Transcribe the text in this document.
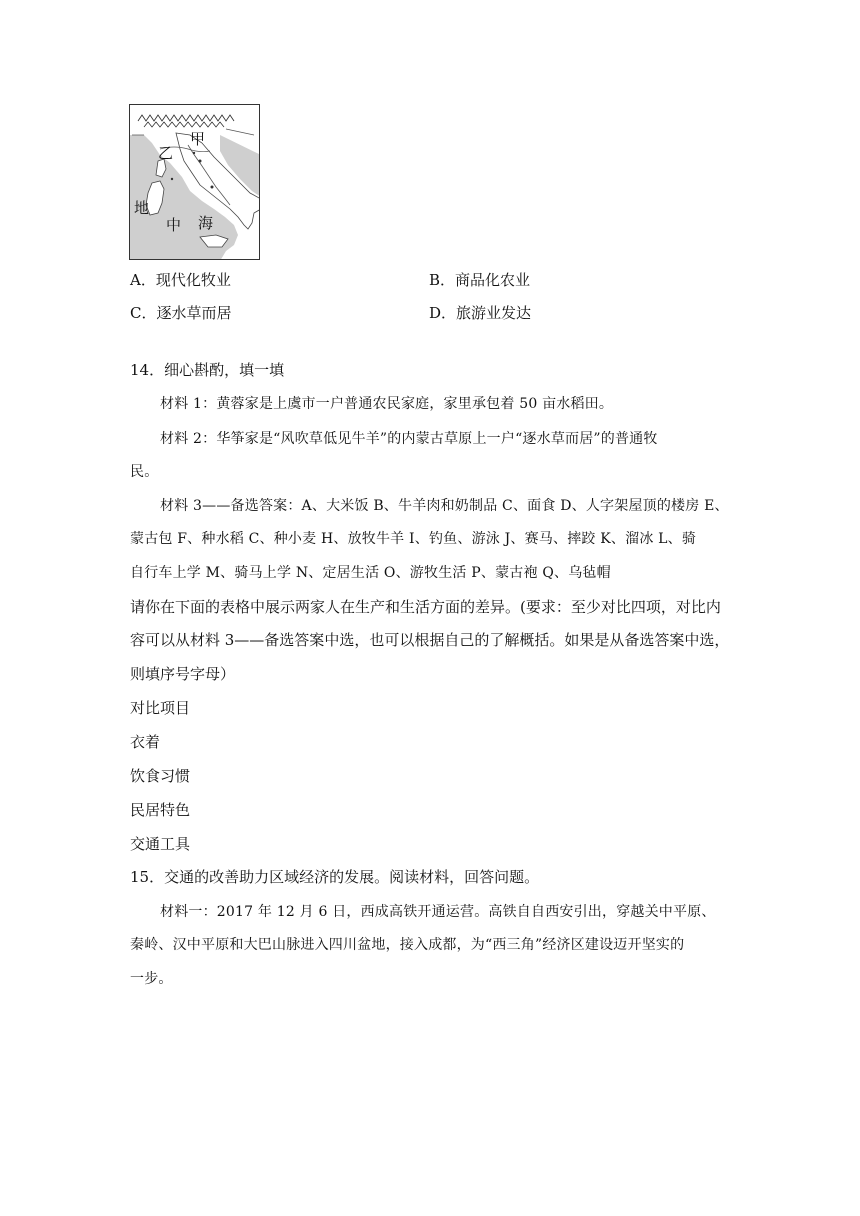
甲
乙
地
中 海
A．现代化牧业	B．商品化农业
C．逐水草而居	D．旅游业发达
14．细心斟酌，填一填
材料 1：黄蓉家是上虞市一户普通农民家庭，家里承包着 50 亩水稻田。
材料 2：华筝家是“风吹草低见牛羊”的内蒙古草原上一户“逐水草而居”的普通牧
民。
材料 3——备选答案：A、大米饭 B、牛羊肉和奶制品 C、面食 D、人字架屋顶的楼房 E、
蒙古包 F、种水稻 C、种小麦 H、放牧牛羊 I、钓鱼、游泳 J、赛马、摔跤 K、溜冰 L、骑
自行车上学 M、骑马上学 N、定居生活 O、游牧生活 P、蒙古袍 Q、乌毡帽
请你在下面的表格中展示两家人在生产和生活方面的差异。(要求：至少对比四项，对比内
容可以从材料 3——备选答案中选，也可以根据自己的了解概括。如果是从备选答案中选，
则填序号字母）
对比项目
衣着
饮食习惯
民居特色
交通工具
15．交通的改善助力区域经济的发展。阅读材料，回答问题。
材料一：2017 年 12 月 6 日，西成高铁开通运营。高铁自自西安引出，穿越关中平原、
秦岭、汉中平原和大巴山脉进入四川盆地，接入成都，为“西三角”经济区建设迈开坚实的
一步。
